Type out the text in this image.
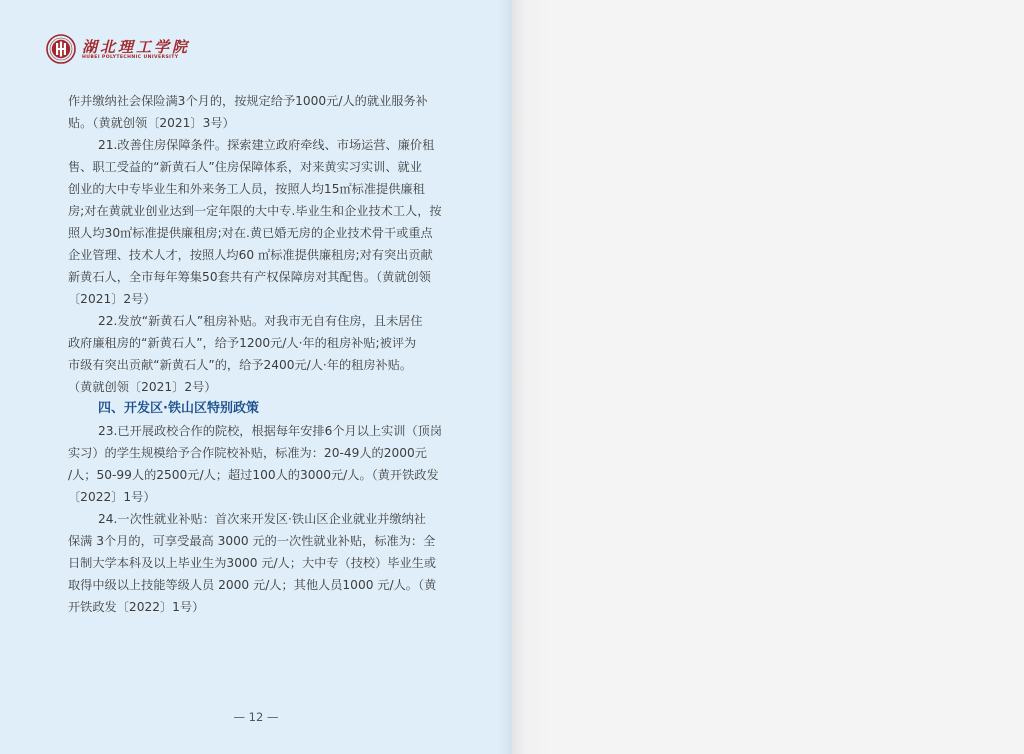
湖北理工学院
HUBEI POLYTECHNIC UNIVERSITY
作并缴纳社会保险满3个月的，按规定给予1000元/人的就业服务补
贴。（黄就创领〔2021〕3号）
21.改善住房保障条件。探索建立政府牵线、市场运营、廉价租
售、职工受益的“新黄石人”住房保障体系，对来黄实习实训、就业
创业的大中专毕业生和外来务工人员，按照人均15㎡标准提供廉租
房;对在黄就业创业达到一定年限的大中专.毕业生和企业技术工人，按
照人均30㎡标准提供廉租房;对在.黄已婚无房的企业技术骨干或重点
企业管理、技术人才，按照人均60 ㎡标准提供廉租房;对有突出贡献
新黄石人，全市每年筹集50套共有产权保障房对其配售。（黄就创领
〔2021〕2号）
22.发放“新黄石人”租房补贴。对我市无自有住房，且未居住
政府廉租房的“新黄石人”，给予1200元/人·年的租房补贴;被评为
市级有突出贡献“新黄石人”的，给予2400元/人·年的租房补贴。
（黄就创领〔2021〕2号）
四、开发区·铁山区特别政策
23.已开展政校合作的院校，根据每年安排6个月以上实训（顶岗
实习）的学生规模给予合作院校补贴，标准为：20-49人的2000元
/人；50-99人的2500元/人；超过100人的3000元/人。（黄开铁政发
〔2022〕1号）
24.一次性就业补贴：首次来开发区·铁山区企业就业并缴纳社
保满 3个月的，可享受最高 3000 元的一次性就业补贴，标准为：全
日制大学本科及以上毕业生为3000 元/人；大中专（技校）毕业生或
取得中级以上技能等级人员 2000 元/人；其他人员1000 元/人。（黄
开铁政发〔2022〕1号）
— 12 —
